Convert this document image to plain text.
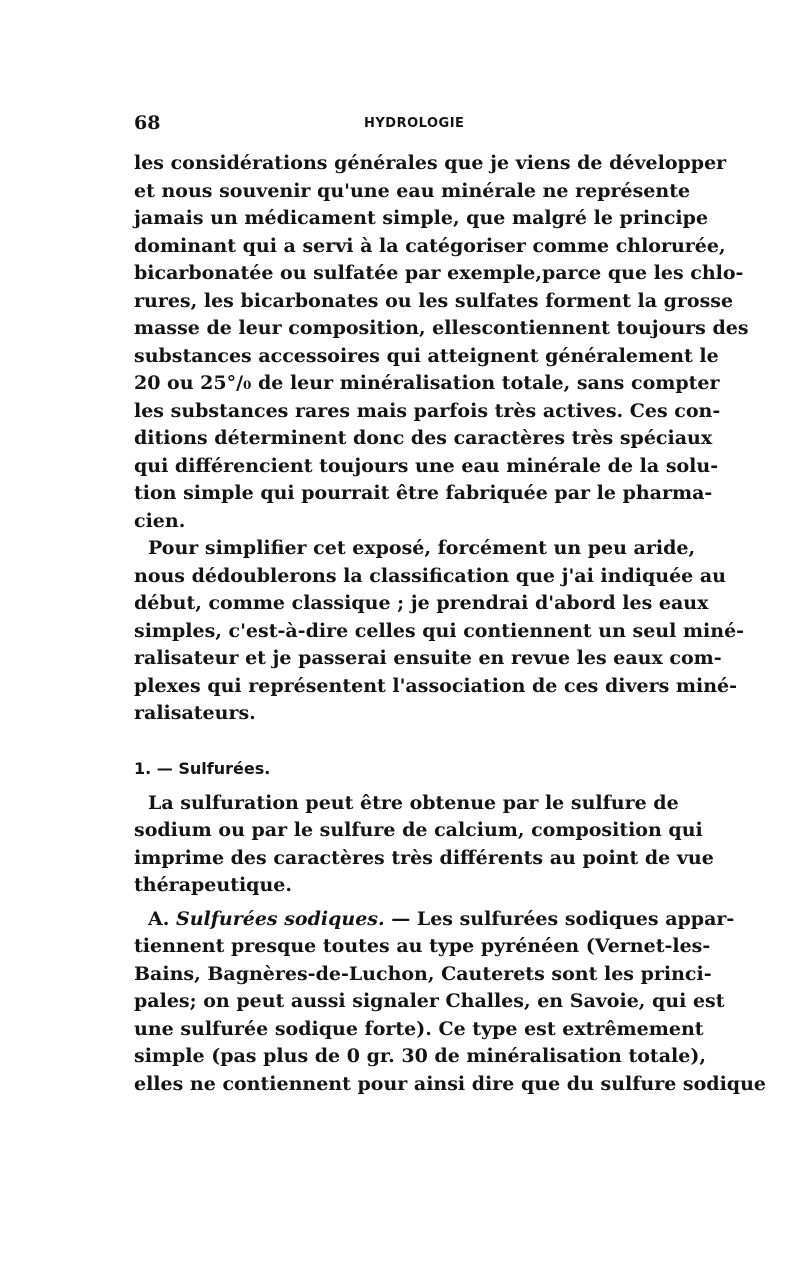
68	HYDROLOGIE
les considérations générales que je viens de développer
et nous souvenir qu'une eau minérale ne représente
jamais un médicament simple, que malgré le principe
dominant qui a servi à la catégoriser comme chlorurée,
bicarbonatée ou sulfatée par exemple,parce que les chlo-
rures, les bicarbonates ou les sulfates forment la grosse
masse de leur composition, ellescontiennent toujours des
substances accessoires qui atteignent généralement le
20 ou 25°/₀ de leur minéralisation totale, sans compter
les substances rares mais parfois très actives. Ces con-
ditions déterminent donc des caractères très spéciaux
qui différencient toujours une eau minérale de la solu-
tion simple qui pourrait être fabriquée par le pharma-
cien.
Pour simplifier cet exposé, forcément un peu aride,
nous dédoublerons la classification que j'ai indiquée au
début, comme classique ; je prendrai d'abord les eaux
simples, c'est-à-dire celles qui contiennent un seul miné-
ralisateur et je passerai ensuite en revue les eaux com-
plexes qui représentent l'association de ces divers miné-
ralisateurs.
1. — Sulfurées.
La sulfuration peut être obtenue par le sulfure de
sodium ou par le sulfure de calcium, composition qui
imprime des caractères très différents au point de vue
thérapeutique.
A. Sulfurées sodiques. — Les sulfurées sodiques appar-
tiennent presque toutes au type pyrénéen (Vernet-les-
Bains, Bagnères-de-Luchon, Cauterets sont les princi-
pales; on peut aussi signaler Challes, en Savoie, qui est
une sulfurée sodique forte). Ce type est extrêmement
simple (pas plus de 0 gr. 30 de minéralisation totale),
elles ne contiennent pour ainsi dire que du sulfure sodique
